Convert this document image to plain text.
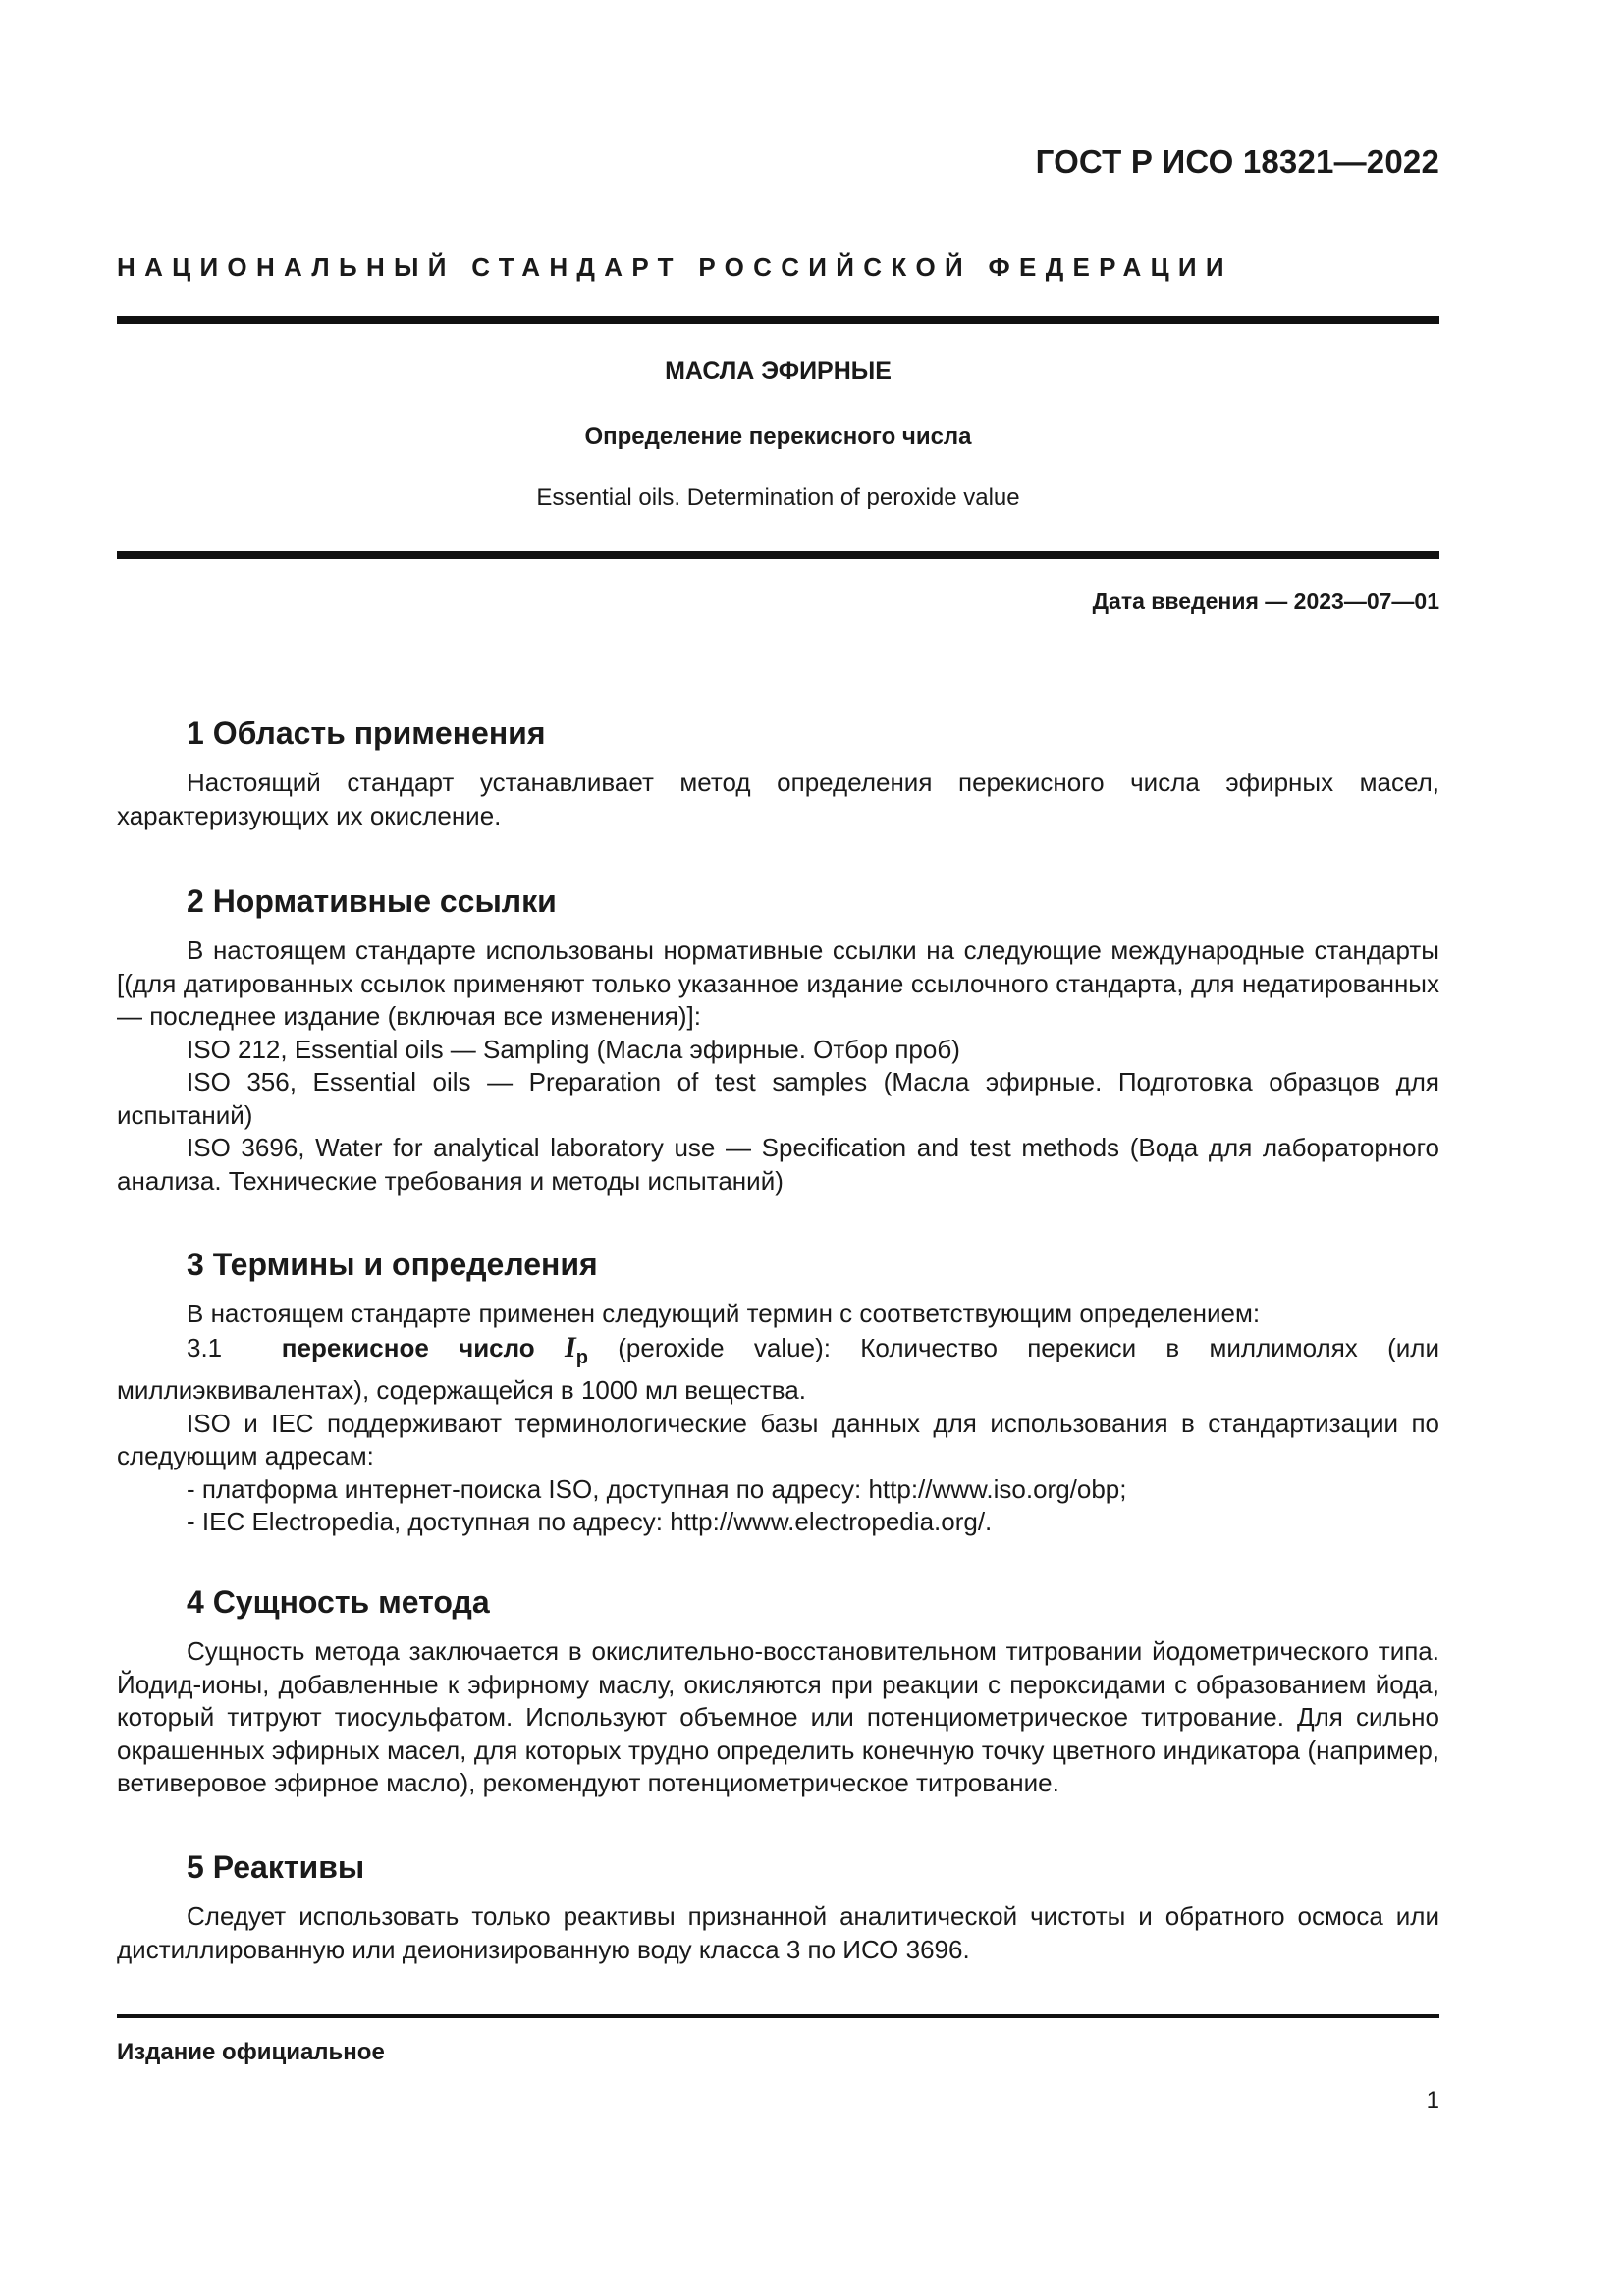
ГОСТ Р ИСО 18321—2022
НАЦИОНАЛЬНЫЙ СТАНДАРТ РОССИЙСКОЙ ФЕДЕРАЦИИ
МАСЛА ЭФИРНЫЕ
Определение перекисного числа
Essential oils. Determination of peroxide value
Дата введения — 2023—07—01
1 Область применения

Настоящий стандарт устанавливает метод определения перекисного числа эфирных масел, характеризующих их окисление.

2 Нормативные ссылки

В настоящем стандарте использованы нормативные ссылки на следующие международные стандарты [(для датированных ссылок применяют только указанное издание ссылочного стандарта, для недатированных — последнее издание (включая все изменения)]:

ISO 212, Essential oils — Sampling (Масла эфирные. Отбор проб)

ISO 356, Essential oils — Preparation of test samples (Масла эфирные. Подготовка образцов для испытаний)

ISO 3696, Water for analytical laboratory use — Specification and test methods (Вода для лабораторного анализа. Технические требования и методы испытаний)

3 Термины и определения

В настоящем стандарте применен следующий термин с соответствующим определением:

3.1 перекисное число $I_p$ (peroxide value): Количество перекиси в миллимолях (или миллиэквивалентах), содержащейся в 1000 мл вещества.

ISO и IEC поддерживают терминологические базы данных для использования в стандартизации по следующим адресам:

- платформа интернет-поиска ISO, доступная по адресу: http://www.iso.org/obp;

- IEC Electropedia, доступная по адресу: http://www.electropedia.org/.

4 Сущность метода

Сущность метода заключается в окислительно-восстановительном титровании йодометрического типа. Йодид-ионы, добавленные к эфирному маслу, окисляются при реакции с пероксидами с образованием йода, который титруют тиосульфатом. Используют объемное или потенциометрическое титрование. Для сильно окрашенных эфирных масел, для которых трудно определить конечную точку цветного индикатора (например, ветиверовое эфирное масло), рекомендуют потенциометрическое титрование.

5 Реактивы

Следует использовать только реактивы признанной аналитической чистоты и обратного осмоса или дистиллированную или деионизированную воду класса 3 по ИСО 3696.

Издание официальное
1
